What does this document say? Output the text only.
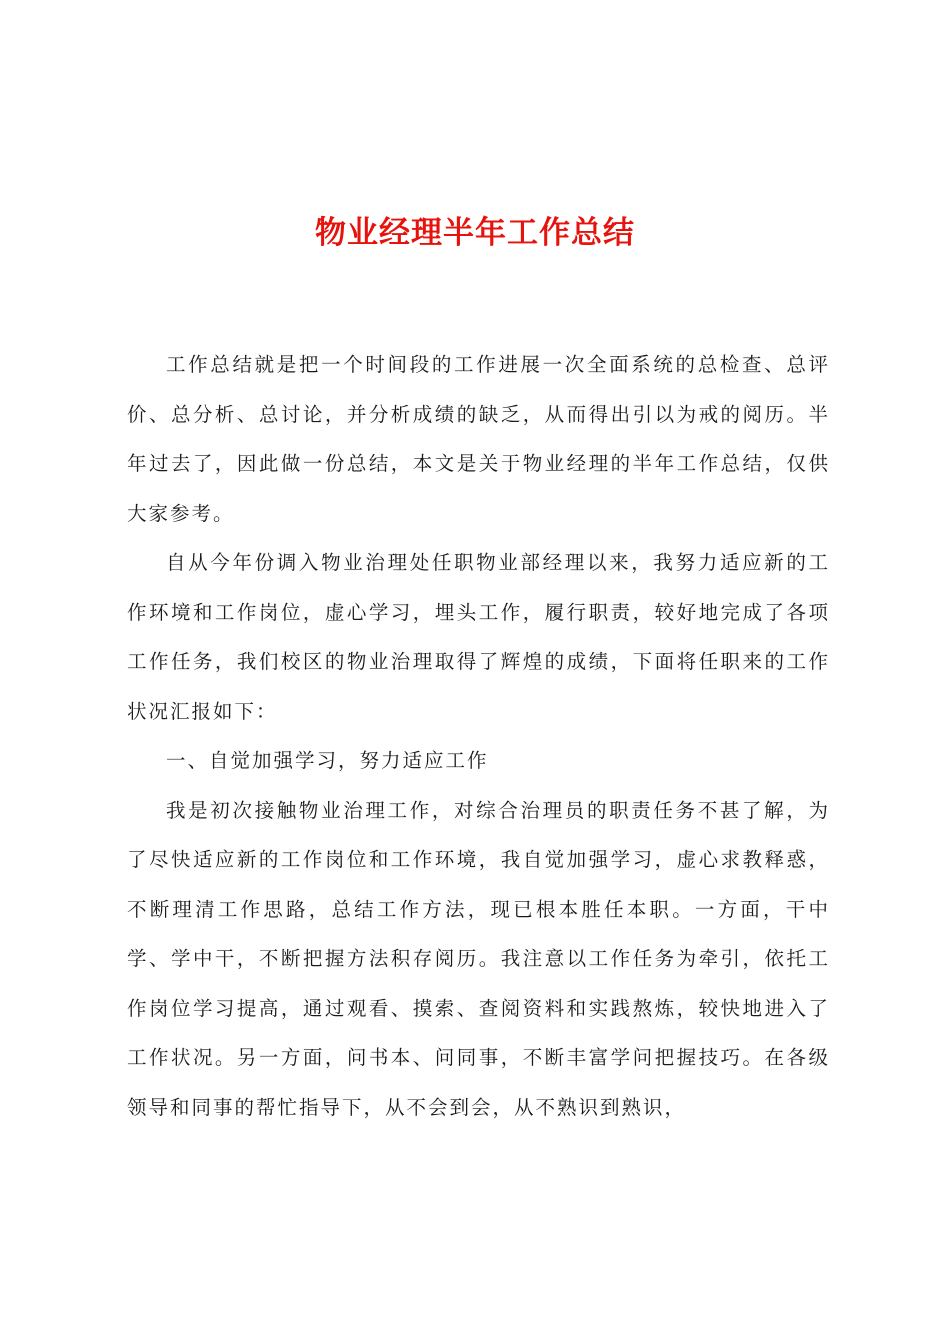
物业经理半年工作总结

工作总结就是把一个时间段的工作进展一次全面系统的总检查、总评价、总分析、总讨论，并分析成绩的缺乏，从而得出引以为戒的阅历。半年过去了，因此做一份总结，本文是关于物业经理的半年工作总结，仅供大家参考。

自从今年份调入物业治理处任职物业部经理以来，我努力适应新的工作环境和工作岗位，虚心学习，埋头工作，履行职责，较好地完成了各项工作任务，我们校区的物业治理取得了辉煌的成绩，下面将任职来的工作状况汇报如下：

一、自觉加强学习，努力适应工作

我是初次接触物业治理工作，对综合治理员的职责任务不甚了解，为了尽快适应新的工作岗位和工作环境，我自觉加强学习，虚心求教释惑，不断理清工作思路，总结工作方法，现已根本胜任本职。一方面，干中学、学中干，不断把握方法积存阅历。我注意以工作任务为牵引，依托工作岗位学习提高，通过观看、摸索、查阅资料和实践熬炼，较快地进入了工作状况。另一方面，问书本、问同事，不断丰富学问把握技巧。在各级领导和同事的帮忙指导下，从不会到会，从不熟识到熟识，
